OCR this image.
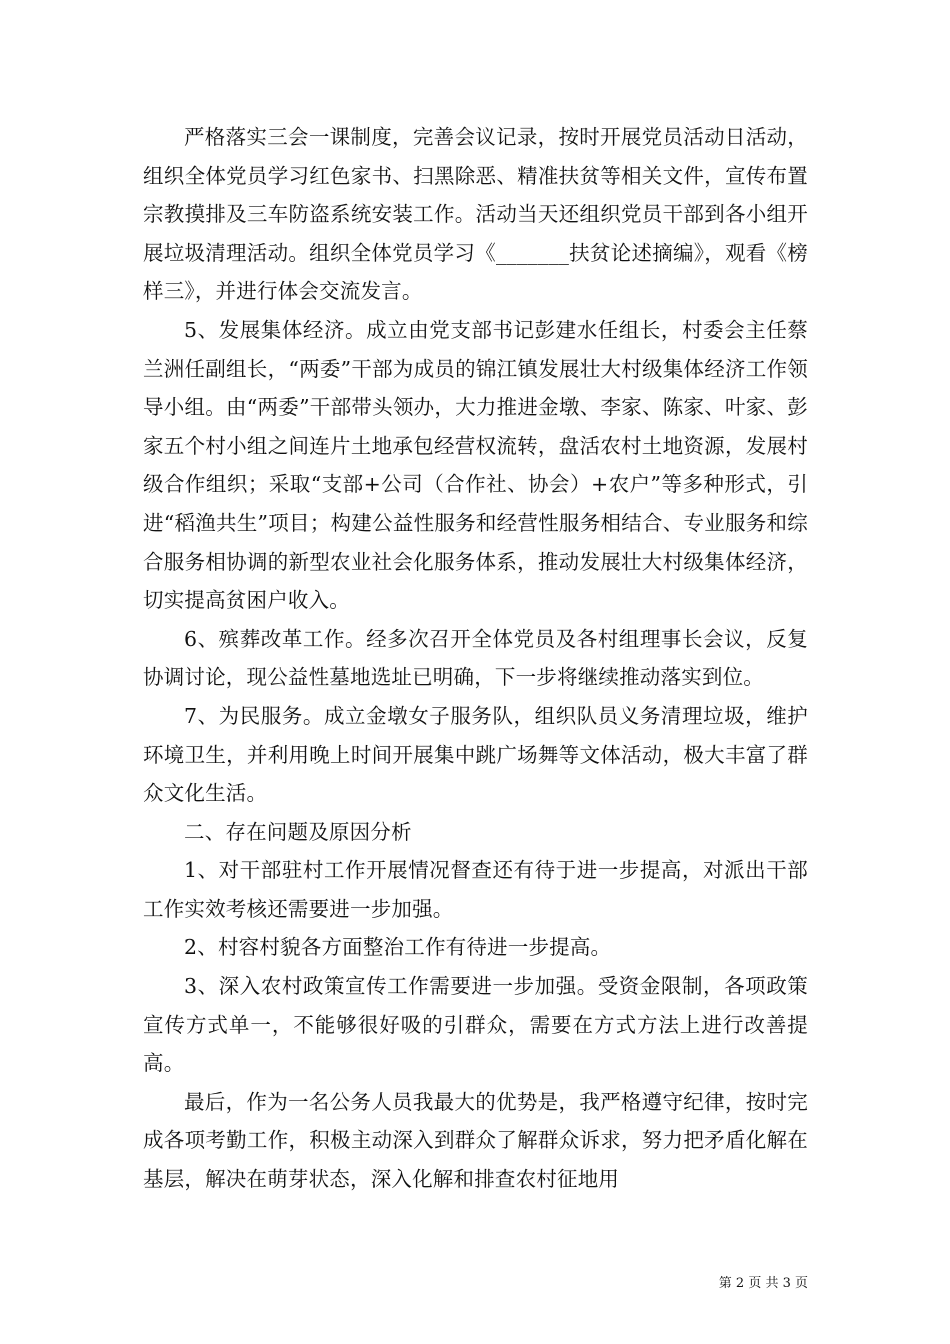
严格落实三会一课制度，完善会议记录，按时开展党员活动日活动，组织全体党员学习红色家书、扫黑除恶、精准扶贫等相关文件，宣传布置宗教摸排及三车防盗系统安装工作。活动当天还组织党员干部到各小组开展垃圾清理活动。组织全体党员学习《_______扶贫论述摘编》，观看《榜样三》，并进行体会交流发言。

5、发展集体经济。成立由党支部书记彭建水任组长，村委会主任蔡兰洲任副组长，“两委”干部为成员的锦江镇发展壮大村级集体经济工作领导小组。由“两委”干部带头领办，大力推进金墩、李家、陈家、叶家、彭家五个村小组之间连片土地承包经营权流转，盘活农村土地资源，发展村级合作组织；采取“支部+公司（合作社、协会）+农户”等多种形式，引进“稻渔共生”项目；构建公益性服务和经营性服务相结合、专业服务和综合服务相协调的新型农业社会化服务体系，推动发展壮大村级集体经济，切实提高贫困户收入。

6、殡葬改革工作。经多次召开全体党员及各村组理事长会议，反复协调讨论，现公益性墓地选址已明确，下一步将继续推动落实到位。

7、为民服务。成立金墩女子服务队，组织队员义务清理垃圾，维护环境卫生，并利用晚上时间开展集中跳广场舞等文体活动，极大丰富了群众文化生活。

二、存在问题及原因分析

1、对干部驻村工作开展情况督查还有待于进一步提高，对派出干部工作实效考核还需要进一步加强。

2、村容村貌各方面整治工作有待进一步提高。

3、深入农村政策宣传工作需要进一步加强。受资金限制，各项政策宣传方式单一，不能够很好吸的引群众，需要在方式方法上进行改善提高。

最后，作为一名公务人员我最大的优势是，我严格遵守纪律，按时完成各项考勤工作，积极主动深入到群众了解群众诉求，努力把矛盾化解在基层，解决在萌芽状态，深入化解和排查农村征地用

第 2 页 共 3 页
